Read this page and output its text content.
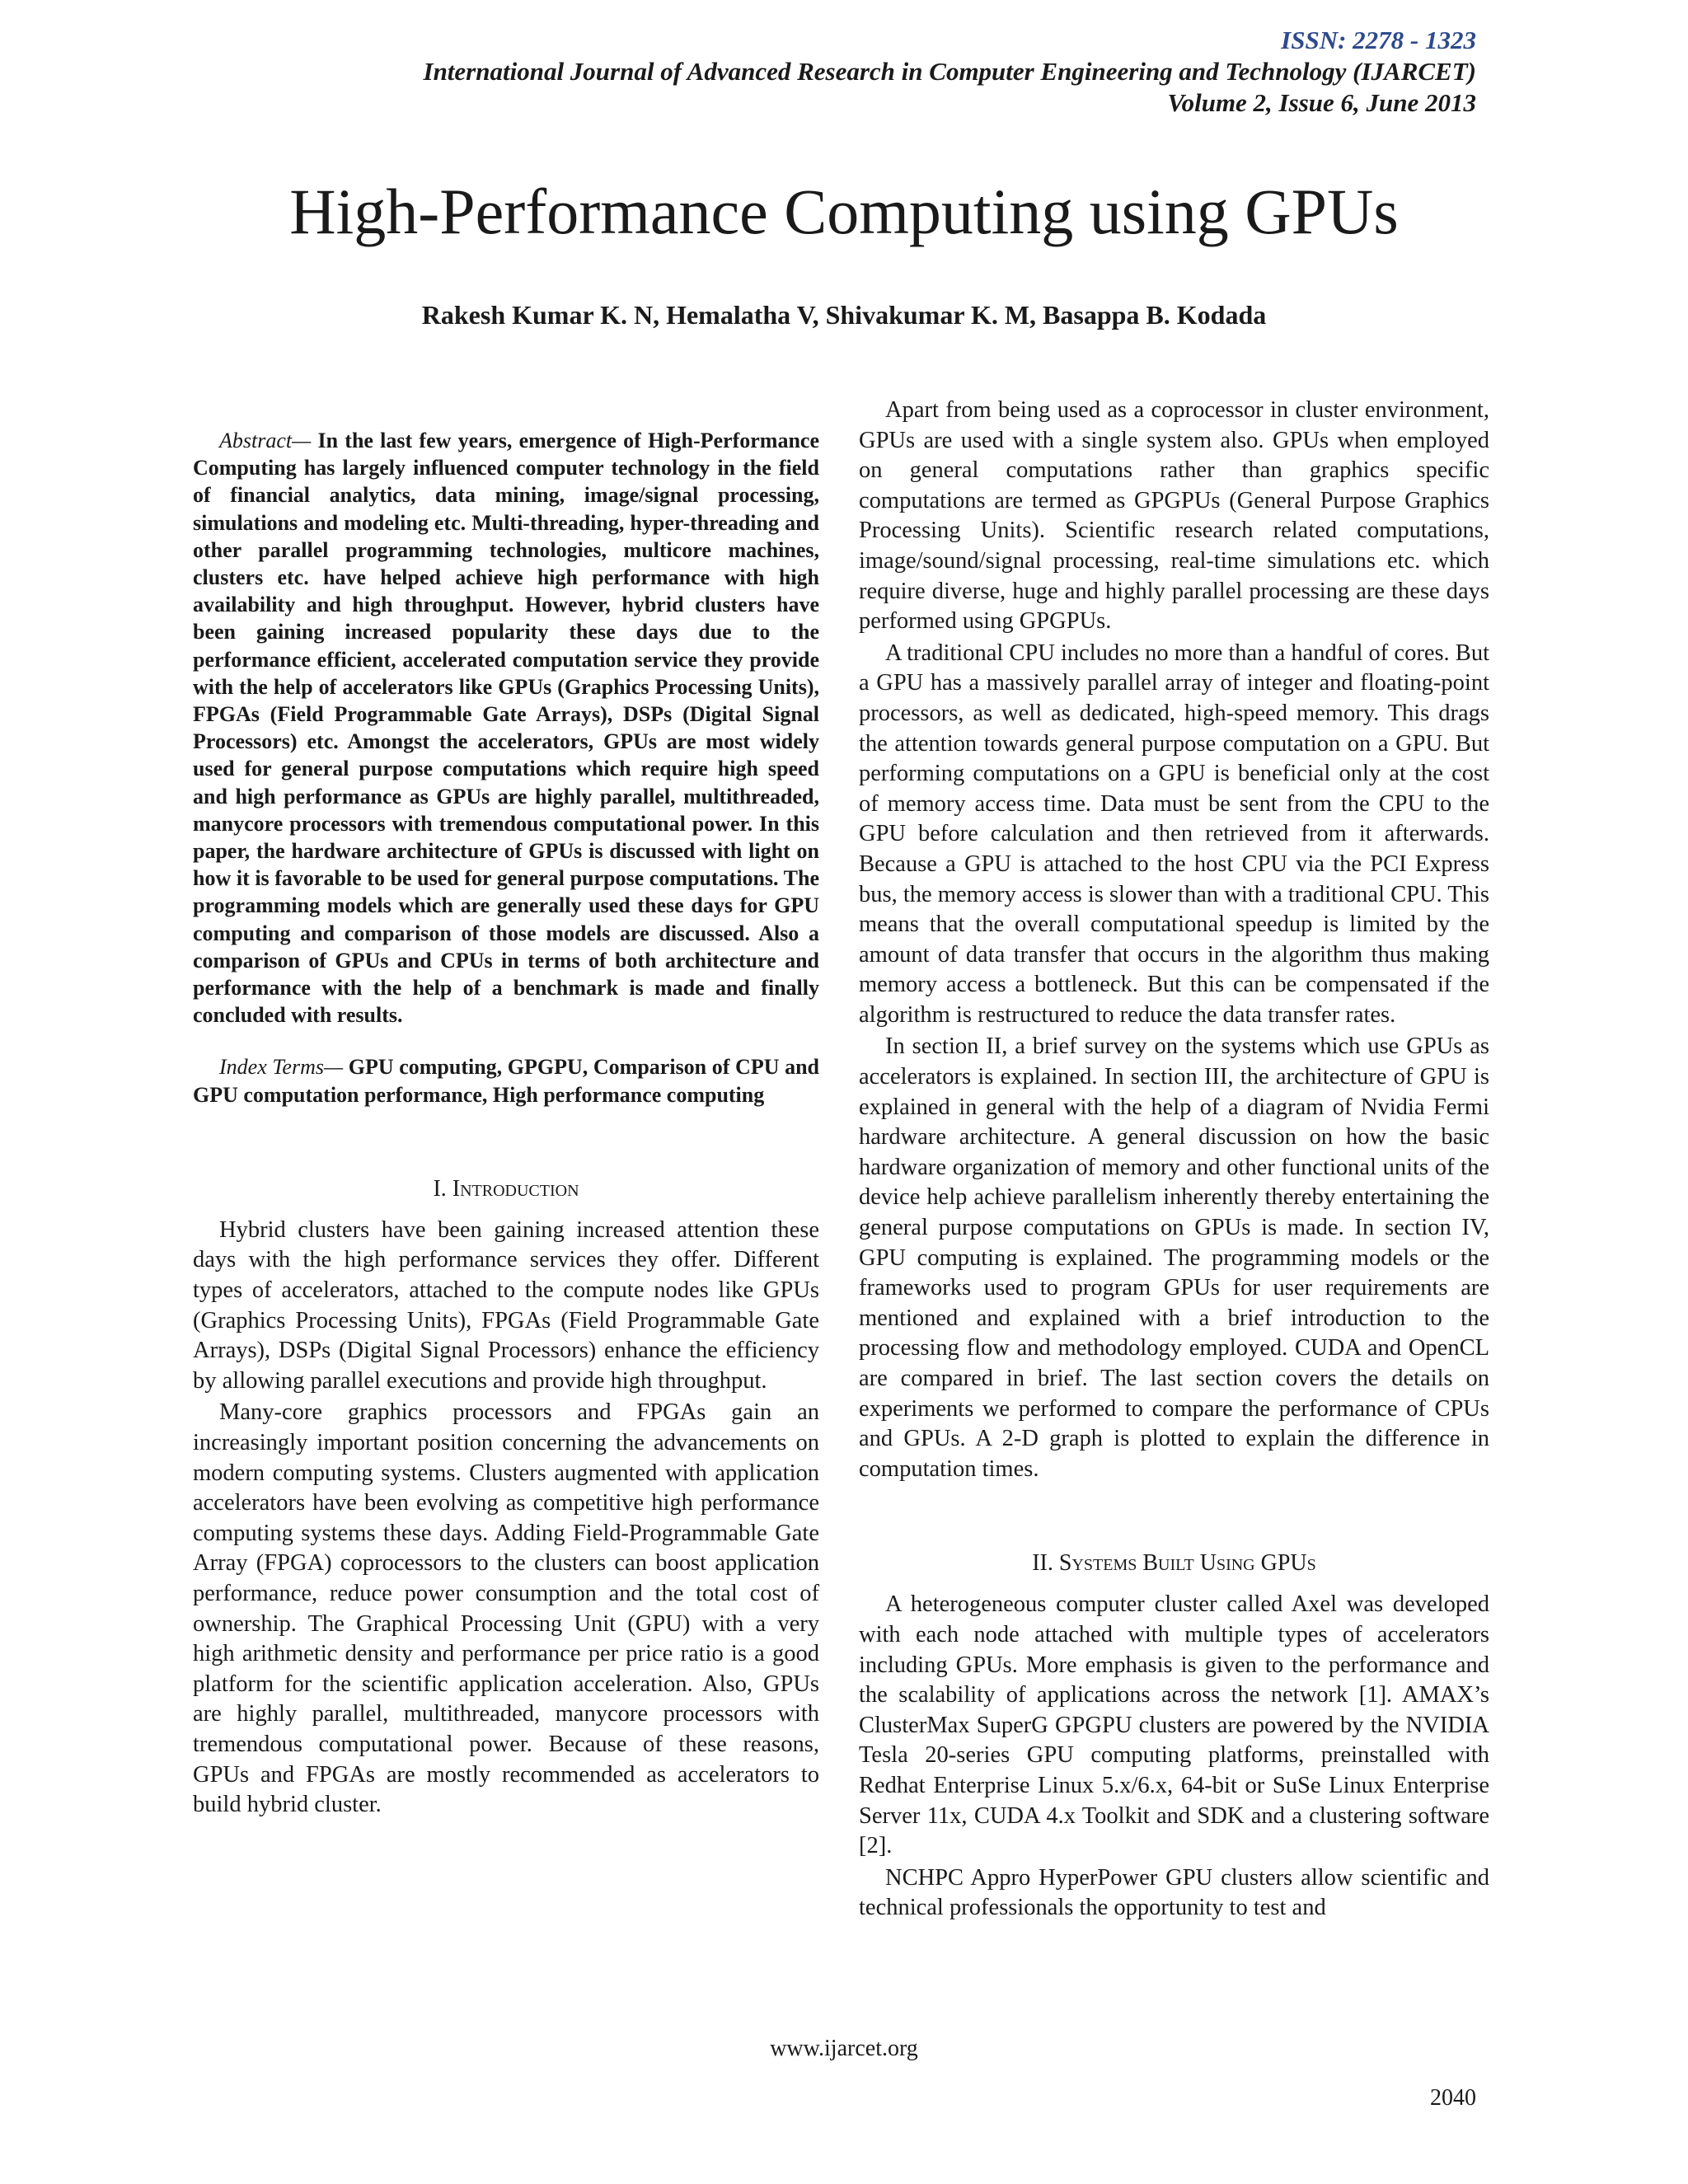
ISSN: 2278 - 1323
International Journal of Advanced Research in Computer Engineering and Technology (IJARCET)
Volume 2, Issue 6, June 2013
High-Performance Computing using GPUs
Rakesh Kumar K. N, Hemalatha V, Shivakumar K. M, Basappa B. Kodada

Abstract— In the last few years, emergence of High-Performance Computing has largely influenced computer technology in the field of financial analytics, data mining, image/signal processing, simulations and modeling etc. Multi-threading, hyper-threading and other parallel programming technologies, multicore machines, clusters etc. have helped achieve high performance with high availability and high throughput. However, hybrid clusters have been gaining increased popularity these days due to the performance efficient, accelerated computation service they provide with the help of accelerators like GPUs (Graphics Processing Units), FPGAs (Field Programmable Gate Arrays), DSPs (Digital Signal Processors) etc. Amongst the accelerators, GPUs are most widely used for general purpose computations which require high speed and high performance as GPUs are highly parallel, multithreaded, manycore processors with tremendous computational power. In this paper, the hardware architecture of GPUs is discussed with light on how it is favorable to be used for general purpose computations. The programming models which are generally used these days for GPU computing and comparison of those models are discussed. Also a comparison of GPUs and CPUs in terms of both architecture and performance with the help of a benchmark is made and finally concluded with results.

Index Terms— GPU computing, GPGPU, Comparison of CPU and GPU computation performance, High performance computing

I. Introduction

Hybrid clusters have been gaining increased attention these days with the high performance services they offer. Different types of accelerators, attached to the compute nodes like GPUs (Graphics Processing Units), FPGAs (Field Programmable Gate Arrays), DSPs (Digital Signal Processors) enhance the efficiency by allowing parallel executions and provide high throughput.

Many-core graphics processors and FPGAs gain an increasingly important position concerning the advancements on modern computing systems. Clusters augmented with application accelerators have been evolving as competitive high performance computing systems these days. Adding Field-Programmable Gate Array (FPGA) coprocessors to the clusters can boost application performance, reduce power consumption and the total cost of ownership. The Graphical Processing Unit (GPU) with a very high arithmetic density and performance per price ratio is a good platform for the scientific application acceleration. Also, GPUs are highly parallel, multithreaded, manycore processors with tremendous computational power. Because of these reasons, GPUs and FPGAs are mostly recommended as accelerators to build hybrid cluster.

Apart from being used as a coprocessor in cluster environment, GPUs are used with a single system also. GPUs when employed on general computations rather than graphics specific computations are termed as GPGPUs (General Purpose Graphics Processing Units). Scientific research related computations, image/sound/signal processing, real-time simulations etc. which require diverse, huge and highly parallel processing are these days performed using GPGPUs.

A traditional CPU includes no more than a handful of cores. But a GPU has a massively parallel array of integer and floating-point processors, as well as dedicated, high-speed memory. This drags the attention towards general purpose computation on a GPU. But performing computations on a GPU is beneficial only at the cost of memory access time. Data must be sent from the CPU to the GPU before calculation and then retrieved from it afterwards. Because a GPU is attached to the host CPU via the PCI Express bus, the memory access is slower than with a traditional CPU. This means that the overall computational speedup is limited by the amount of data transfer that occurs in the algorithm thus making memory access a bottleneck. But this can be compensated if the algorithm is restructured to reduce the data transfer rates.

In section II, a brief survey on the systems which use GPUs as accelerators is explained. In section III, the architecture of GPU is explained in general with the help of a diagram of Nvidia Fermi hardware architecture. A general discussion on how the basic hardware organization of memory and other functional units of the device help achieve parallelism inherently thereby entertaining the general purpose computations on GPUs is made. In section IV, GPU computing is explained. The programming models or the frameworks used to program GPUs for user requirements are mentioned and explained with a brief introduction to the processing flow and methodology employed. CUDA and OpenCL are compared in brief. The last section covers the details on experiments we performed to compare the performance of CPUs and GPUs. A 2-D graph is plotted to explain the difference in computation times.

II. Systems Built Using GPUs

A heterogeneous computer cluster called Axel was developed with each node attached with multiple types of accelerators including GPUs. More emphasis is given to the performance and the scalability of applications across the network [1]. AMAX’s ClusterMax SuperG GPGPU clusters are powered by the NVIDIA Tesla 20-series GPU computing platforms, preinstalled with Redhat Enterprise Linux 5.x/6.x, 64-bit or SuSe Linux Enterprise Server 11x, CUDA 4.x Toolkit and SDK and a clustering software [2].

NCHPC Appro HyperPower GPU clusters allow scientific and technical professionals the opportunity to test and

www.ijarcet.org
2040
